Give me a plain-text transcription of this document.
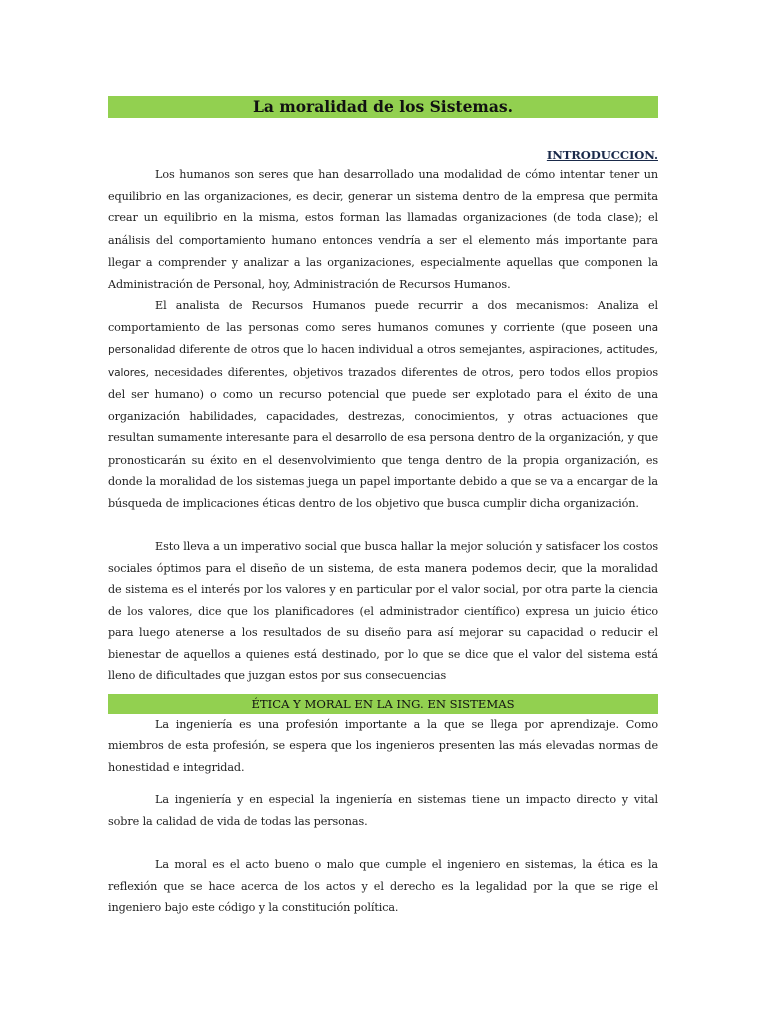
La moralidad de los Sistemas.
INTRODUCCION.

Los humanos son seres que han desarrollado una modalidad de cómo intentar tener un equilibrio en las organizaciones, es decir, generar un sistema dentro de la empresa que permita crear un equilibrio en la misma, estos forman las llamadas organizaciones (de toda clase); el análisis del comportamiento humano entonces vendría a ser el elemento más importante para llegar a comprender y analizar a las organizaciones, especialmente aquellas que componen la Administración de Personal, hoy, Administración de Recursos Humanos.

El analista de Recursos Humanos puede recurrir a dos mecanismos: Analiza el comportamiento de las personas como seres humanos comunes y corriente (que poseen una personalidad diferente de otros que lo hacen individual a otros semejantes, aspiraciones, actitudes, valores, necesidades diferentes, objetivos trazados diferentes de otros, pero todos ellos propios del ser humano) o como un recurso potencial que puede ser explotado para el éxito de una organización habilidades, capacidades, destrezas, conocimientos, y otras actuaciones que resultan sumamente interesante para el desarrollo de esa persona dentro de la organización, y que pronosticarán su éxito en el desenvolvimiento que tenga dentro de la propia organización, es donde la moralidad de los sistemas juega un papel importante debido a que se va a encargar de la búsqueda de implicaciones éticas dentro de los objetivo que busca cumplir dicha organización.

Esto lleva a un imperativo social que busca hallar la mejor solución y satisfacer los costos sociales óptimos para el diseño de un sistema, de esta manera podemos decir, que la moralidad de sistema es el interés por los valores y en particular por el valor social, por otra parte la ciencia de los valores, dice que los planificadores (el administrador científico) expresa un juicio ético para luego atenerse a los resultados de su diseño para así mejorar su capacidad o reducir el bienestar de aquellos a quienes está destinado, por lo que se dice que el valor del sistema está lleno de dificultades que juzgan estos por sus consecuencias

ÉTICA Y MORAL EN LA ING. EN SISTEMAS

La ingeniería es una profesión importante a la que se llega por aprendizaje. Como miembros de esta profesión, se espera que los ingenieros presenten las más elevadas normas de honestidad e integridad.

La ingeniería y en especial la ingeniería en sistemas tiene un impacto directo y vital sobre la calidad de vida de todas las personas.

La moral es el acto bueno o malo que cumple el ingeniero en sistemas, la ética es la reflexión que se hace acerca de los actos y el derecho es la legalidad por la que se rige el ingeniero bajo este código y la constitución política.
